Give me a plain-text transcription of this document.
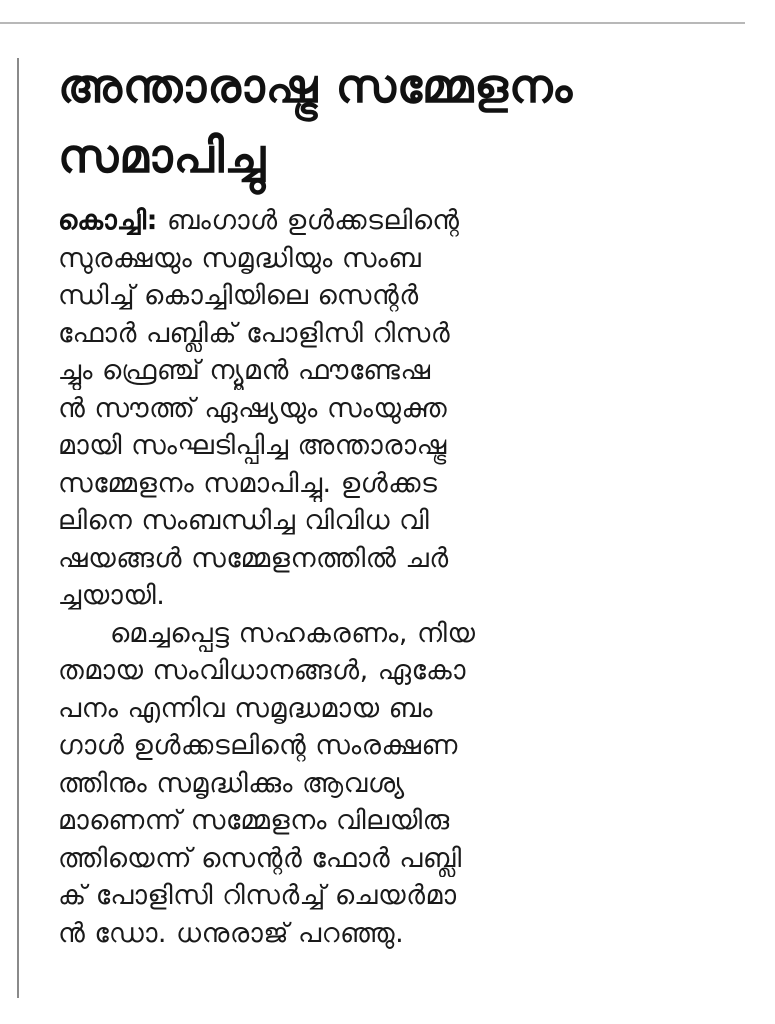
അന്താരാഷ്ട്ര സമ്മേളനം
സമാപിച്ചു
കൊച്ചി: ബംഗാൾ ഉൾക്കടലിന്റെ
സുരക്ഷയും സമൃദ്ധിയും സംബ
ന്ധിച്ച് കൊച്ചിയിലെ സെന്റർ
ഫോർ പബ്ലിക് പോളിസി റിസർ
ച്ചും ഫ്രെഞ്ച് ന്യൂമൻ ഫൗണ്ടേഷ
ൻ സൗത്ത് ഏഷ്യയും സംയുക്ത
മായി സംഘടിപ്പിച്ച അന്താരാഷ്ട്ര
സമ്മേളനം സമാപിച്ചു. ഉൾക്കട
ലിനെ സംബന്ധിച്ച വിവിധ വി
ഷയങ്ങൾ സമ്മേളനത്തിൽ ചർ
ച്ചയായി.
മെച്ചപ്പെട്ട സഹകരണം, നിയ
തമായ സംവിധാനങ്ങൾ, ഏകോ
പനം എന്നിവ സമൃദ്ധമായ ബം
ഗാൾ ഉൾക്കടലിന്റെ സംരക്ഷണ
ത്തിനും സമൃദ്ധിക്കും ആവശ്യ
മാണെന്ന് സമ്മേളനം വിലയിരു
ത്തിയെന്ന് സെന്റർ ഫോർ പബ്ലി
ക് പോളിസി റിസർച്ച് ചെയർമാ
ൻ ഡോ. ധനുരാജ് പറഞ്ഞു.
